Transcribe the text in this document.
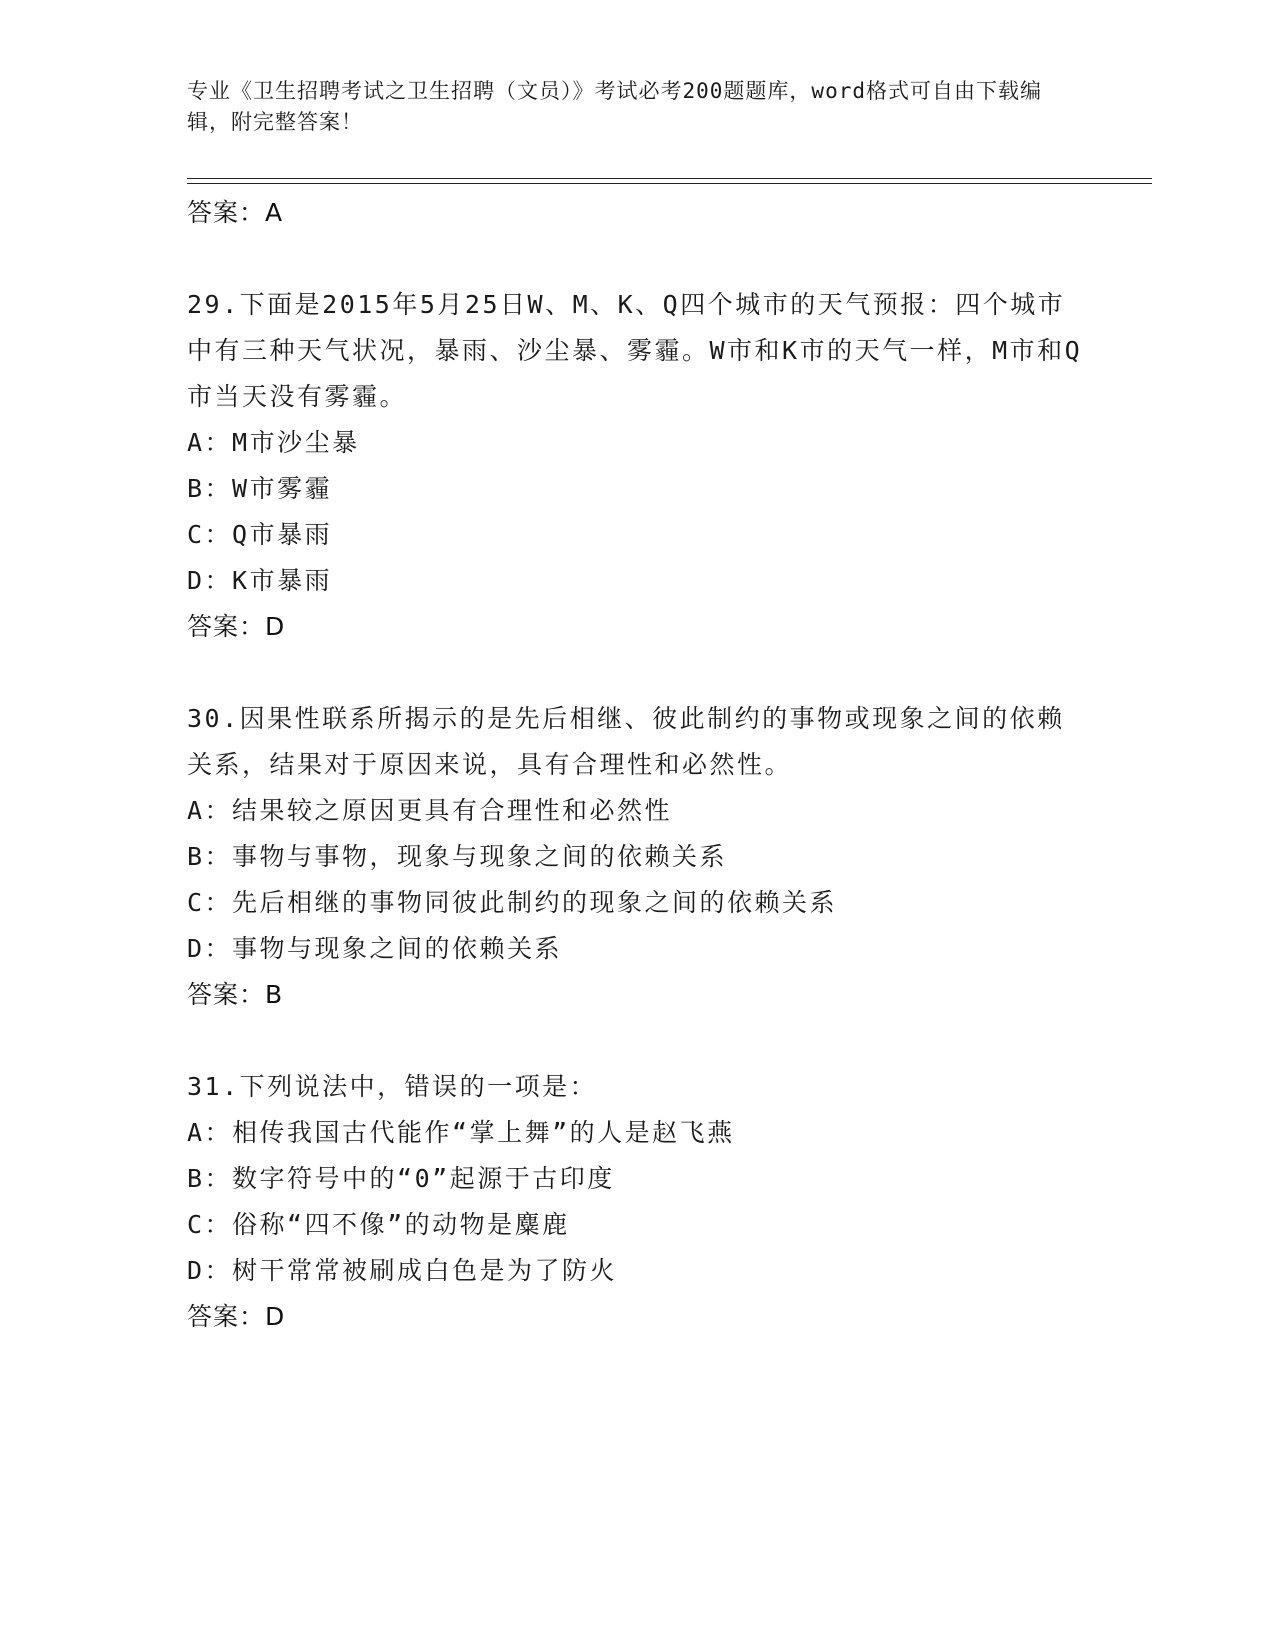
专业《卫生招聘考试之卫生招聘（文员）》考试必考200题题库，word格式可自由下载编辑，附完整答案！
答案：A
29.下面是2015年5月25日W、M、K、Q四个城市的天气预报：四个城市中有三种天气状况，暴雨、沙尘暴、雾霾。W市和K市的天气一样，M市和Q市当天没有雾霾。
A：M市沙尘暴
B：W市雾霾
C：Q市暴雨
D：K市暴雨
答案：D
30.因果性联系所揭示的是先后相继、彼此制约的事物或现象之间的依赖关系，结果对于原因来说，具有合理性和必然性。
A：结果较之原因更具有合理性和必然性
B：事物与事物，现象与现象之间的依赖关系
C：先后相继的事物同彼此制约的现象之间的依赖关系
D：事物与现象之间的依赖关系
答案：B
31.下列说法中，错误的一项是：
A：相传我国古代能作“掌上舞”的人是赵飞燕
B：数字符号中的“0”起源于古印度
C：俗称“四不像”的动物是麋鹿
D：树干常常被刷成白色是为了防火
答案：D
